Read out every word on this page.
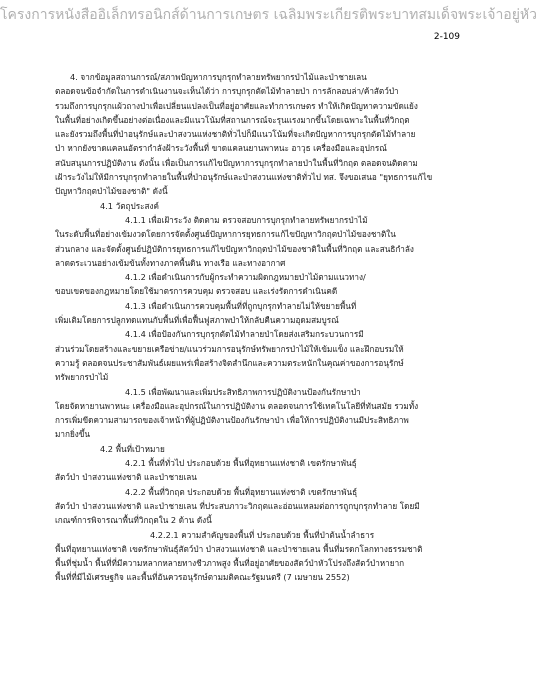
โครงการหนังสืออิเล็กทรอนิกส์ด้านการเกษตร เฉลิมพระเกียรติพระบาทสมเด็จพระเจ้าอยู่หัว
2-109
4. จากข้อมูลสถานการณ์/สภาพปัญหาการบุกรุกทำลายทรัพยากรป่าไม้และป่าชายเลน
ตลอดจนข้อจำกัดในการดำเนินงานจะเห็นได้ว่า การบุกรุกตัดไม้ทำลายป่า การลักลอบล่า/ค้าสัตว์ป่า
รวมถึงการบุกรุกแผ้วถางป่าเพื่อเปลี่ยนแปลงเป็นที่อยู่อาศัยและทำการเกษตร ทำให้เกิดปัญหาความขัดแย้ง
ในพื้นที่อย่างเกิดขึ้นอย่างต่อเนื่องและมีแนวโน้มที่สถานการณ์จะรุนแรงมากขึ้นโดยเฉพาะในพื้นที่วิกฤต
และยังรวมถึงพื้นที่ป่าอนุรักษ์และป่าสงวนแห่งชาติทั่วไปก็มีแนวโน้มที่จะเกิดปัญหาการบุกรุกตัดไม้ทำลาย
ป่า หากยังขาดแคลนอัตรากำลังฝ้าระวังพื้นที่ ขาดแคลนยานพาหนะ อาวุธ เครื่องมือและอุปกรณ์
สนับสนุนการปฏิบัติงาน ดังนั้น เพื่อเป็นการแก้ไขปัญหาการบุกรุกทำลายป่าในพื้นที่วิกฤต ตลอดจนติดตาม
เฝ้าระวังไม่ให้มีการบุกรุกทำลายในพื้นที่ป่าอนุรักษ์และป่าสงวนแห่งชาติทั่วไป ทส. จึงขอเสนอ "ยุทธการแก้ไข
ปัญหาวิกฤตป่าไม้ของชาติ" ดังนี้
4.1 วัตถุประสงค์
4.1.1 เพื่อเฝ้าระวัง ติดตาม ตรวจสอบการบุกรุกทำลายทรัพยากรป่าไม้
ในระดับพื้นที่อย่างเข้มงวดโดยการจัดตั้งศูนย์ปัญหาการยุทธการแก้ไขปัญหาวิกฤตป่าไม้ของชาติใน
ส่วนกลาง และจัดตั้งศูนย์ปฏิบัติการยุทธการแก้ไขปัญหาวิกฤตป่าไม้ของชาติในพื้นที่วิกฤต และสนธิกำลัง
ลาดตระเวนอย่างเข้มข้นทั้งทางภาคพื้นดิน ทางเรือ และทางอากาศ
4.1.2 เพื่อดำเนินการกับผู้กระทำความผิดกฎหมายป่าไม้ตามแนวทาง/
ขอบเขตของกฎหมายโดยใช้มาตรการควบคุม ตรวจสอบ และเร่งรัดการดำเนินคดี
4.1.3 เพื่อดำเนินการควบคุมพื้นที่ที่ถูกบุกรุกทำลายไม่ให้ขยายพื้นที่
เพิ่มเติมโดยการปลูกทดแทนกับพื้นที่เพื่อฟื้นฟูสภาพป่าให้กลับคืนความอุดมสมบูรณ์
4.1.4 เพื่อป้องกันการบุกรุกตัดไม้ทำลายป่าโดยส่งเสริมกระบวนการมี
ส่วนร่วมโดยสร้างและขยายเครือข่าย/แนวร่วมการอนุรักษ์ทรัพยากรป่าไม้ให้เข้มแข็ง และฝึกอบรมให้
ความรู้ ตลอดจนประชาสัมพันธ์เผยแพร่เพื่อสร้างจิตสำนึกและความตระหนักในคุณค่าของการอนุรักษ์
ทรัพยากรป่าไม้
4.1.5 เพื่อพัฒนาและเพิ่มประสิทธิภาพการปฏิบัติงานป้องกันรักษาป่า
โดยจัดหายานพาหนะ เครื่องมือและอุปกรณ์ในการปฏิบัติงาน ตลอดจนการใช้เทคโนโลยีที่ทันสมัย รวมทั้ง
การเพิ่มขีดความสามารถของเจ้าหน้าที่ผู้ปฏิบัติงานป้องกันรักษาป่า เพื่อให้การปฏิบัติงานมีประสิทธิภาพ
มากยิ่งขึ้น
4.2 พื้นที่เป้าหมาย
4.2.1 พื้นที่ทั่วไป ประกอบด้วย พื้นที่อุทยานแห่งชาติ เขตรักษาพันธุ์
สัตว์ป่า ป่าสงวนแห่งชาติ และป่าชายเลน
4.2.2 พื้นที่วิกฤต ประกอบด้วย พื้นที่อุทยานแห่งชาติ เขตรักษาพันธุ์
สัตว์ป่า ป่าสงวนแห่งชาติ และป่าชายเลน ที่ประสบภาวะวิกฤตและอ่อนแหลมต่อการถูกบุกรุกทำลาย โดยมี
เกณฑ์การพิจารณาพื้นที่วิกฤตใน 2 ด้าน ดังนี้
4.2.2.1 ความสำคัญของพื้นที่ ประกอบด้วย พื้นที่ป่าต้นน้ำลำธาร
พื้นที่อุทยานแห่งชาติ เขตรักษาพันธุ์สัตว์ป่า ป่าสงวนแห่งชาติ และป่าชายเลน พื้นที่มรดกโลกทางธรรมชาติ
พื้นที่ชุ่มน้ำ พื้นที่ที่มีความหลากหลายทางชีวภาพสูง พื้นที่อยู่อาศัยของสัตว์ป่าหัวโปรงถึงสัตว์ป่าหายาก
พื้นที่ที่มีไม้เศรษฐกิจ และพื้นที่อันควรอนุรักษ์ตามมติคณะรัฐมนตรี (7 เมษายน 2552)
